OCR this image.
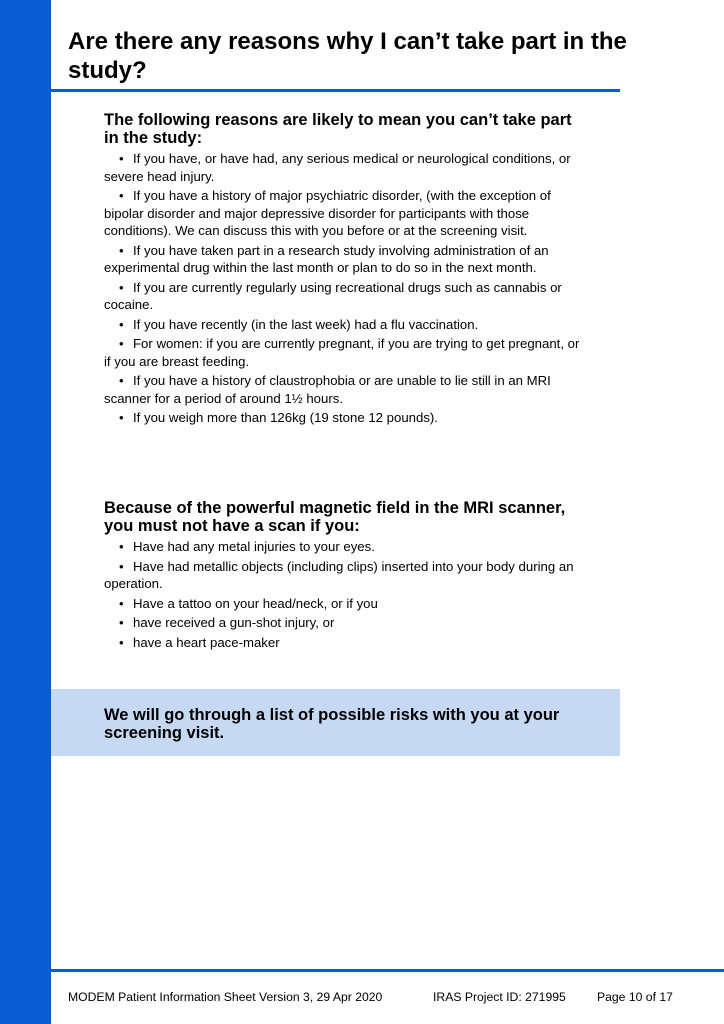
Are there any reasons why I can’t take part in the study?
The following reasons are likely to mean you can’t take part in the study:
• If you have, or have had, any serious medical or neurological conditions, or severe head injury.
• If you have a history of major psychiatric disorder, (with the exception of bipolar disorder and major depressive disorder for participants with those conditions). We can discuss this with you before or at the screening visit.
• If you have taken part in a research study involving administration of an experimental drug within the last month or plan to do so in the next month.
• If you are currently regularly using recreational drugs such as cannabis or cocaine.
• If you have recently (in the last week) had a flu vaccination.
• For women: if you are currently pregnant, if you are trying to get pregnant, or if you are breast feeding.
• If you have a history of claustrophobia or are unable to lie still in an MRI scanner for a period of around 1½ hours.
• If you weigh more than 126kg (19 stone 12 pounds).
Because of the powerful magnetic field in the MRI scanner, you must not have a scan if you:
• Have had any metal injuries to your eyes.
• Have had metallic objects (including clips) inserted into your body during an operation.
• Have a tattoo on your head/neck, or if you
• have received a gun-shot injury, or
• have a heart pace-maker

We will go through a list of possible risks with you at your screening visit.

MODEM Patient Information Sheet Version 3, 29 Apr 2020	IRAS Project ID: 271995	Page 10 of 17
